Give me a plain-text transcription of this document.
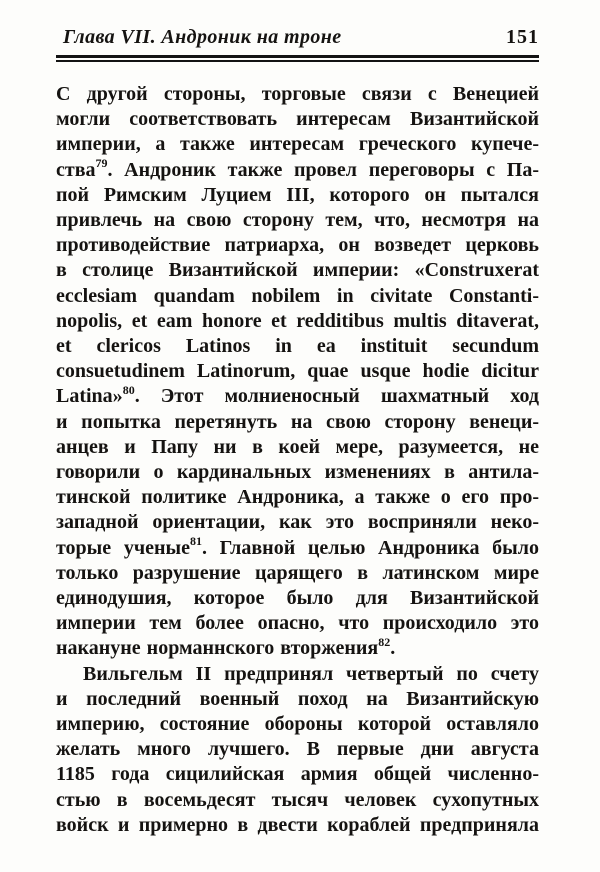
Глава VII. Андроник на троне	151
С другой стороны, торговые связи с Венецией
могли соответствовать интересам Византийской
империи, а также интересам греческого купече-
ства$^{79}$. Андроник также провел переговоры с Па-
пой Римским Луцием III, которого он пытался
привлечь на свою сторону тем, что, несмотря на
противодействие патриарха, он возведет церковь
в столице Византийской империи: «Construxerat
ecclesiam quandam nobilem in civitate Constanti-
nopolis, et eam honore et redditibus multis ditaverat,
et clericos Latinos in ea instituit secundum
consuetudinem Latinorum, quae usque hodie dicitur
Latina»$^{80}$. Этот молниеносный шахматный ход
и попытка перетянуть на свою сторону венеци-
анцев и Папу ни в коей мере, разумеется, не
говорили о кардинальных изменениях в антила-
тинской политике Андроника, а также о его про-
западной ориентации, как это восприняли неко-
торые ученые$^{81}$. Главной целью Андроника было
только разрушение царящего в латинском мире
единодушия, которое было для Византийской
империи тем более опасно, что происходило это
накануне норманнского вторжения$^{82}$.
Вильгельм II предпринял четвертый по счету
и последний военный поход на Византийскую
империю, состояние обороны которой оставляло
желать много лучшего. В первые дни августа
1185 года сицилийская армия общей численно-
стью в восемьдесят тысяч человек сухопутных
войск и примерно в двести кораблей предприняла
